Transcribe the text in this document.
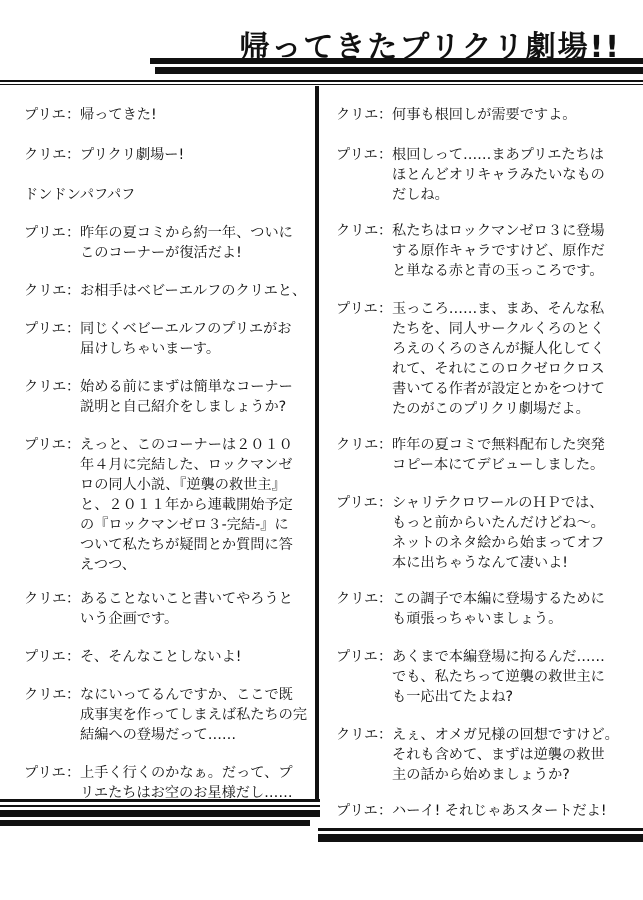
帰ってきたプリクリ劇場!!
プリエ ： 帰ってきた!
クリエ ： プリクリ劇場ー!
ドンドンパフパフ
プリエ ： 昨年の夏コミから約一年、ついに
このコーナーが復活だよ!
クリエ ： お相手はベビーエルフのクリエと、
プリエ ： 同じくベビーエルフのプリエがお
届けしちゃいまーす。
クリエ ： 始める前にまずは簡単なコーナー
説明と自己紹介をしましょうか?
プリエ ： えっと、このコーナーは２０１０
年４月に完結した、ロックマンゼ
ロの同人小説、『逆襲の救世主』
と、２０１１年から連載開始予定
の『ロックマンゼロ３-完結-』に
ついて私たちが疑問とか質問に答
えつつ、
クリエ ： あることないこと書いてやろうと
いう企画です。
プリエ ： そ、そんなことしないよ!
クリエ ： なにいってるんですか、ここで既
成事実を作ってしまえば私たちの完
結編への登場だって……
プリエ ： 上手く行くのかなぁ。だって、プ
リエたちはお空のお星様だし……
クリエ ： 何事も根回しが需要ですよ。
プリエ ： 根回しって……まあプリエたちは
ほとんどオリキャラみたいなもの
だしね。
クリエ ： 私たちはロックマンゼロ３に登場
する原作キャラですけど、原作だ
と単なる赤と青の玉っころです。
プリエ ： 玉っころ……ま、まあ、そんな私
たちを、同人サークルくろのとく
ろえのくろのさんが擬人化してく
れて、それにこのロクゼロクロス
書いてる作者が設定とかをつけて
たのがこのプリクリ劇場だよ。
クリエ ： 昨年の夏コミで無料配布した突発
コピー本にてデビューしました。
プリエ ： シャリテクロワールのＨＰでは、
もっと前からいたんだけどね～。
ネットのネタ絵から始まってオフ
本に出ちゃうなんて凄いよ!
クリエ ： この調子で本編に登場するために
も頑張っちゃいましょう。
プリエ ： あくまで本編登場に拘るんだ……
でも、私たちって逆襲の救世主に
も一応出てたよね?
クリエ ： えぇ、オメガ兄様の回想ですけど。
それも含めて、まずは逆襲の救世
主の話から始めましょうか?
プリエ ： ハーイ! それじゃあスタートだよ!
